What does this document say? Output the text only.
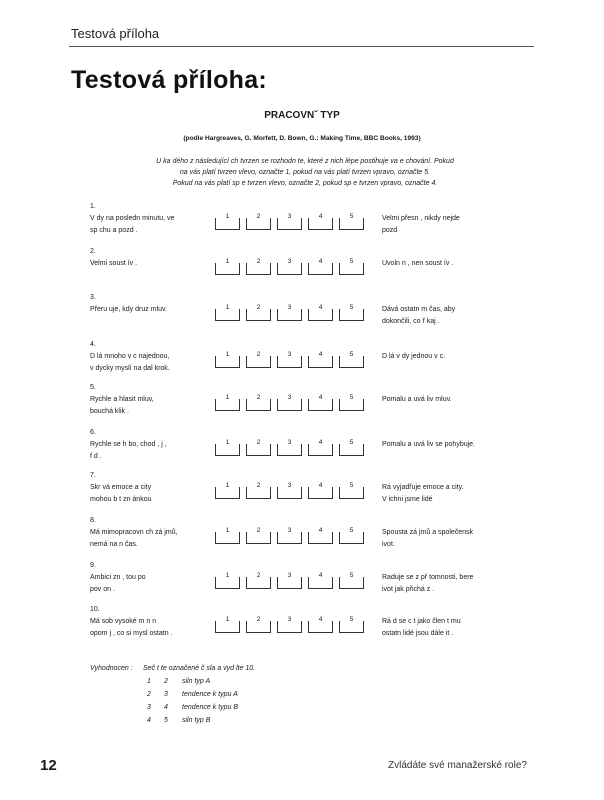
Testová příloha
Testová příloha:
PRACOVNˇ TYP
(podle Hargreaves, G. Morfett, D. Bown, G.: Making Time, BBC Books, 1993)
U ka dého z následující ch tvrzen se rozhodn te, které z nich lépe postihuje va e chování. Pokud
na vás platí tvrzen vlevo, označte 1, pokud na vás platí tvrzen vpravo, označte 5.
Pokud na vás platí sp e tvrzen vlevo, označte 2, pokud sp e tvrzen vpravo, označte 4.
1.
V dy na posledn minutu, ve
sp chu a pozd .
1	2	3	4	5	Velmi přesn , nikdy nejde
pozd
2.
Velmi soust ív .	1	2	3	4	5	Uvoln n , nen soust ív .
3.
Přeru uje, kdy druz mluv.	1	2	3	4	5	Dává ostatn m čas, aby
dokončili, co ř kaj .
4.
D lá mnoho v c najednou,
v dycky myslí na dal krok.
1	2	3	4	5	D lá v dy jednou v c.
5.
Rychle a hlasit mluv,
bouchá klik .
1	2	3	4	5	Pomalu a uvá liv mluv.
6.
Rychle se h bo, chod , j ,
f d .
1	2	3	4	5	Pomalu a uvá liv se pohybuje.
7.
Skr vá emoce a city
mohou b t zn ánkou
1	2	3	4	5	Rá vyjadřuje emoce a city.
V ichni jsme lidé
8.
Má mimopracovn ch zá jmů,
nemá na n čas.
1	2	3	4	5	Spousta zá jmů a společensk
ivot.
9.
Ambici zn , tou po
pov on .
1	2	3	4	5	Raduje se z př tomnosti, bere
ivot jak přichá z .
10.
Má sob vysoké m n n
opom j , co si mysl ostatn .
1	2	3	4	5	Rá d se c t jako člen t mu
ostatn lidé jsou dále it .
Vyhodnocen :	Seč t te označené č sla a vyd lte 10.
1 2 siln typ A
2 3 tendence k typu A
3 4 tendence k typu B
4 5 siln typ B
12	Zvládáte své manažerské role?
